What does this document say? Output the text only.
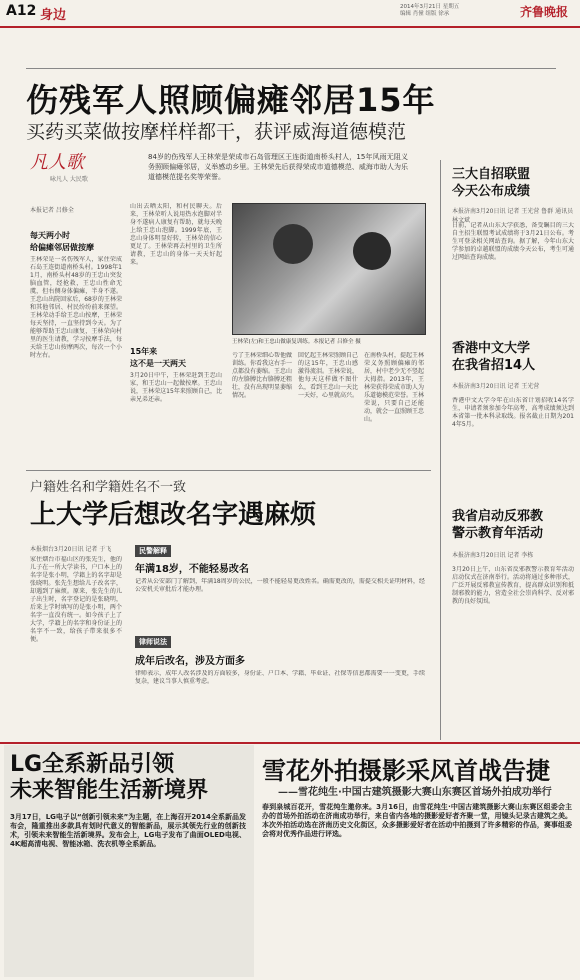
A12 身边
2014年3月21日 星期五
编辑 肖僮 组版 徐承	齐鲁晚报
伤残军人照顾偏瘫邻居15年
买药买菜做按摩样样都干，获评威海道德模范
凡人歌
咏凡人 大民歌
84岁的伤残军人王林荣是荣成市石岛管理区王连街道南桥头村人，15年风雨无阻义务照顾偏瘫邻居，义举感动乡里。王林荣先后获得荣成市道德模范、威海市助人为乐道德模范提名奖等荣誉。
本报记者 吕修全
每天两小时
给偏瘫邻居做按摩
王林荣是一名伤残军人，家住荣成石岛王连街道南桥头村。1998年11月，南桥头村48岁的王忠山突发脑血管，经抢救，王忠山性命无虞，但右侧身体偏瘫，半身不遂。王忠山出院回家后，68岁的王林荣和其他邻居、村民纷纷前来探望。王林荣动手给王忠山按摩，王林荣每天坚持，一直坚持到今天。为了能够帮助王忠山康复，王林荣向村里的医生请教，学习按摩手法，每天给王忠山按摩两次，每次一个小时左右。
山出去晒太阳，和村民聊天。后来，王林荣听人说用热水泡脚对半身不遂病人康复有帮助，就每天晚上给王忠山泡脚。1999年底，王忠山身体明显好转，王林荣的信心更足了。王林荣再去村里的卫生所请教，王忠山的身体一天天好起来。
15年来
这不是一天两天
3月20日中午，王林荣赶到王忠山家，和王忠山一起做按摩。王忠山说，王林荣这15年来照顾自己，比亲兄弟还亲。
王林荣(左)和王忠山做康复训练。本报记者 吕修全 摄
亏了王林荣细心帮他做训练。你看我这右手一点都没有萎缩。王忠山的左胳膊比右胳膊还粗壮，没有出现明显萎缩情况。
回忆起王林荣照顾自己的这15年，王忠山感激得流泪。王林荣说，他每天这样做不图什么，看到王忠山一天比一天好，心里就高兴。
在南桥头村，提起王林荣义务照顾偏瘫的邻居，村中老少无不竖起大拇指。2013年，王林荣获得荣成市助人为乐道德模范荣誉。王林荣说，只要自己还能动，就会一直照顾王忠山。
三大自招联盟
今天公布成绩
本报济南3月20日讯 记者 王光营 鲁群 通讯员 林文斌
日前，记者从山东大学获悉，备受瞩目的三大自主招生联盟考试成绩将于3月21日公布。考生可登录相关网站查询。据了解，今年山东大学参加的卓越联盟的成绩今天公布，考生可通过网站查询成绩。
香港中文大学
在我省招14人
本报济南3月20日讯 记者 王光营
香港中文大学今年在山东省计划招收14名学生，申请者须参加今年高考，高考成绩须达到本省第一批本科录取线。报名截止日期为2014年5月。
我省启动反邪教
警示教育年活动
本报济南3月20日讯 记者 李栋
3月20日上午，山东省反邪教警示教育年活动启动仪式在济南举行。活动将通过多种形式，广泛开展反邪教宣传教育，提高群众识别和抵制邪教的能力，营造全社会崇尚科学、反对邪教的良好氛围。
户籍姓名和学籍姓名不一致
上大学后想改名字遇麻烦
本报烟台3月20日讯 记者 于飞
家住烟台市福山区的张先生，他的儿子在一所大学读书，户口本上的名字是张小明，学籍上的名字却是张晓明。张先生想给儿子改名字，却遇到了麻烦。原来，张先生的儿子出生时，名字登记的是张晓明，后来上学时填写的是张小明，两个名字一直没有统一。如今孩子上了大学，学籍上的名字和身份证上的名字不一致，给孩子带来很多不便。
民警解释
年满18岁，不能轻易改名
记者从公安部门了解到，年满18周岁的公民，一般不能轻易更改姓名。确需更改的，需提交相关证明材料，经公安机关审批后才能办理。
律师说法
成年后改名，涉及方面多
律师表示，成年人改名涉及的方面较多，身份证、户口本、学籍、毕业证、社保等信息都需要一一变更，手续复杂，建议当事人慎重考虑。
LG全系新品引领
未来智能生活新境界
3月17日，LG电子以“创新引领未来”为主题，在上海召开2014全系新品发布会，隆重推出多款具有划时代意义的智能新品，展示其领先行业的创新技术，引领未来智能生活新境界。发布会上，LG电子发布了曲面OLED电视、4K超高清电视、智能冰箱、洗衣机等全系新品。
雪花外拍摄影采风首战告捷
——雪花纯生·中国古建筑摄影大赛山东赛区首场外拍成功举行
春到泉城百花开，雪花纯生邀你来。3月16日，由雪花纯生·中国古建筑摄影大赛山东赛区组委会主办的首场外拍活动在济南成功举行，来自省内各地的摄影爱好者齐聚一堂，用镜头记录古建筑之美。本次外拍活动选在济南历史文化街区，众多摄影爱好者在活动中拍摄到了许多精彩的作品，赛事组委会将对优秀作品进行评选。
